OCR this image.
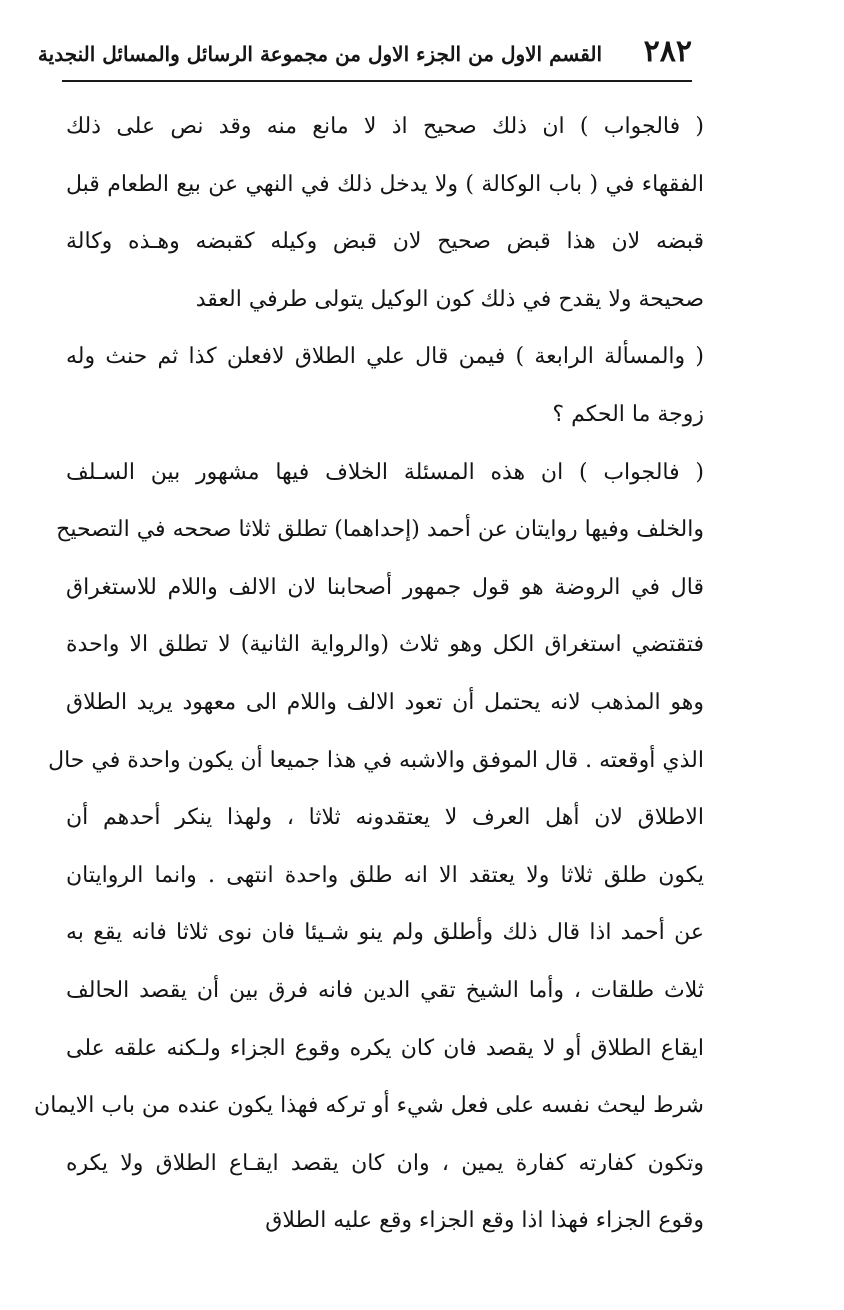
٢٨٢
القسم الاول من الجزء الاول من مجموعة الرسائل والمسائل النجدية
( فالجواب ) ان ذلك صحيح اذ لا مانع منه وقد نص على ذلك
الفقهاء في ( باب الوكالة ) ولا يدخل ذلك في النهي عن بيع الطعام قبل
قبضه لان هذا قبض صحيح لان قبض وكيله كقبضه وهـذه وكالة
صحيحة ولا يقدح في ذلك كون الوكيل يتولى طرفي العقد
( والمسألة الرابعة ) فيمن قال علي الطلاق لافعلن كذا ثم حنث وله
زوجة ما الحكم ؟
( فالجواب ) ان هذه المسئلة الخلاف فيها مشهور بين السـلف
والخلف وفيها روايتان عن أحمد (إحداهما) تطلق ثلاثا صححه في التصحيح
قال في الروضة هو قول جمهور أصحابنا لان الالف واللام للاستغراق
فتقتضي استغراق الكل وهو ثلاث (والرواية الثانية) لا تطلق الا واحدة
وهو المذهب لانه يحتمل أن تعود الالف واللام الى معهود يريد الطلاق
الذي أوقعته . قال الموفق والاشبه في هذا جميعا أن يكون واحدة في حال
الاطلاق لان أهل العرف لا يعتقدونه ثلاثا ، ولهذا ينكر أحدهم أن
يكون طلق ثلاثا ولا يعتقد الا انه طلق واحدة انتهى . وانما الروايتان
عن أحمد اذا قال ذلك وأطلق ولم ينو شـيئا فان نوى ثلاثا فانه يقع به
ثلاث طلقات ، وأما الشيخ تقي الدين فانه فرق بين أن يقصد الحالف
ايقاع الطلاق أو لا يقصد فان كان يكره وقوع الجزاء ولـكنه علقه على
شرط ليحث نفسه على فعل شيء أو تركه فهذا يكون عنده من باب الايمان
وتكون كفارته كفارة يمين ، وان كان يقصد ايقـاع الطلاق ولا يكره
وقوع الجزاء فهذا اذا وقع الجزاء وقع عليه الطلاق
